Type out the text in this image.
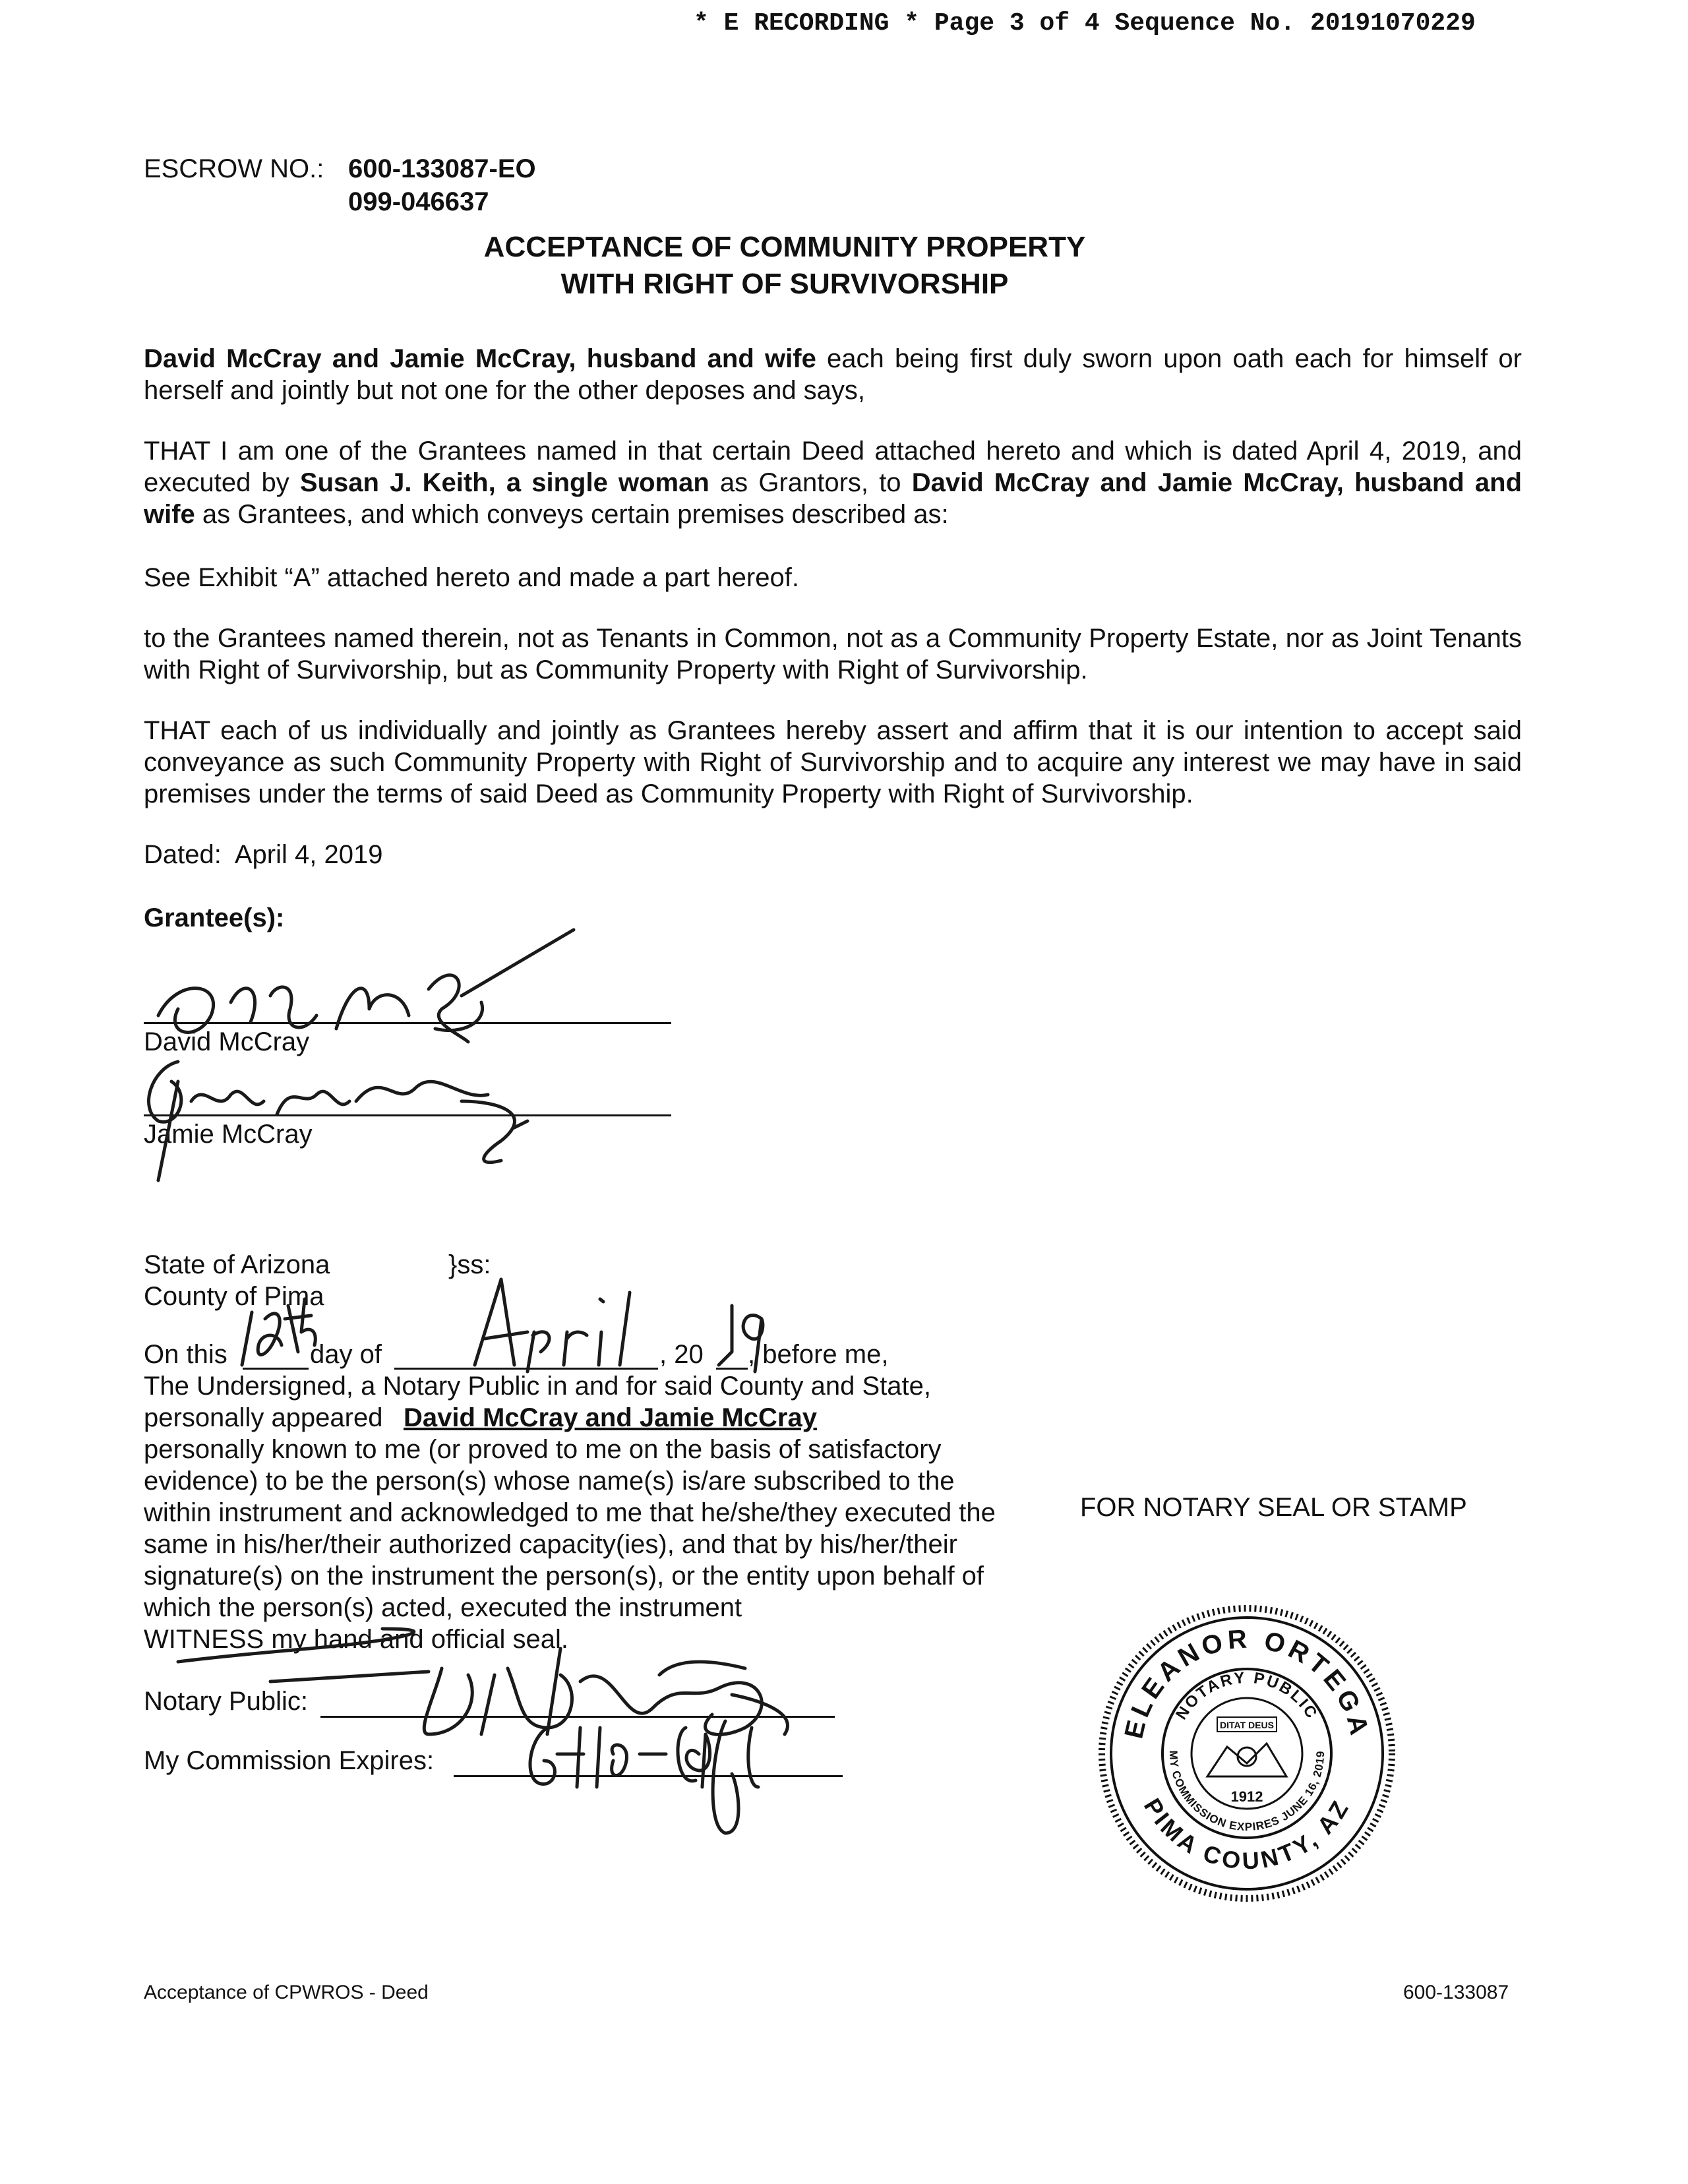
* E RECORDING * Page 3 of 4 Sequence No. 20191070229
ESCROW NO.: 600-133087-EO
099-046637
ACCEPTANCE OF COMMUNITY PROPERTY
WITH RIGHT OF SURVIVORSHIP
David McCray and Jamie McCray, husband and wife each being first duly sworn upon oath each for himself or herself and jointly but not one for the other deposes and says,
THAT I am one of the Grantees named in that certain Deed attached hereto and which is dated April 4, 2019, and executed by Susan J. Keith, a single woman as Grantors, to David McCray and Jamie McCray, husband and wife as Grantees, and which conveys certain premises described as:
See Exhibit “A” attached hereto and made a part hereof.
to the Grantees named therein, not as Tenants in Common, not as a Community Property Estate, nor as Joint Tenants with Right of Survivorship, but as Community Property with Right of Survivorship.
THAT each of us individually and jointly as Grantees hereby assert and affirm that it is our intention to accept said conveyance as such Community Property with Right of Survivorship and to acquire any interest we may have in said premises under the terms of said Deed as Community Property with Right of Survivorship.
Dated:  April 4, 2019
Grantee(s):
David McCray
Jamie McCray
State of Arizona	}ss:
County of Pima
On this	day of	, 20 , before me,
The Undersigned, a Notary Public in and for said County and State,
personally appeared David McCray and Jamie McCray
personally known to me (or proved to me on the basis of satisfactory
evidence) to be the person(s) whose name(s) is/are subscribed to the
within instrument and acknowledged to me that he/she/they executed the
same in his/her/their authorized capacity(ies), and that by his/her/their
signature(s) on the instrument the person(s), or the entity upon behalf of
which the person(s) acted, executed the instrument
WITNESS my hand and official seal.
Notary Public:
My Commission Expires:
FOR NOTARY SEAL OR STAMP
ELEANOR ORTEGA
PIMA COUNTY, AZ
NOTARY PUBLIC
MY COMMISSION EXPIRES JUNE 16, 2019
DITAT DEUS
1912
Acceptance of CPWROS - Deed	600-133087
